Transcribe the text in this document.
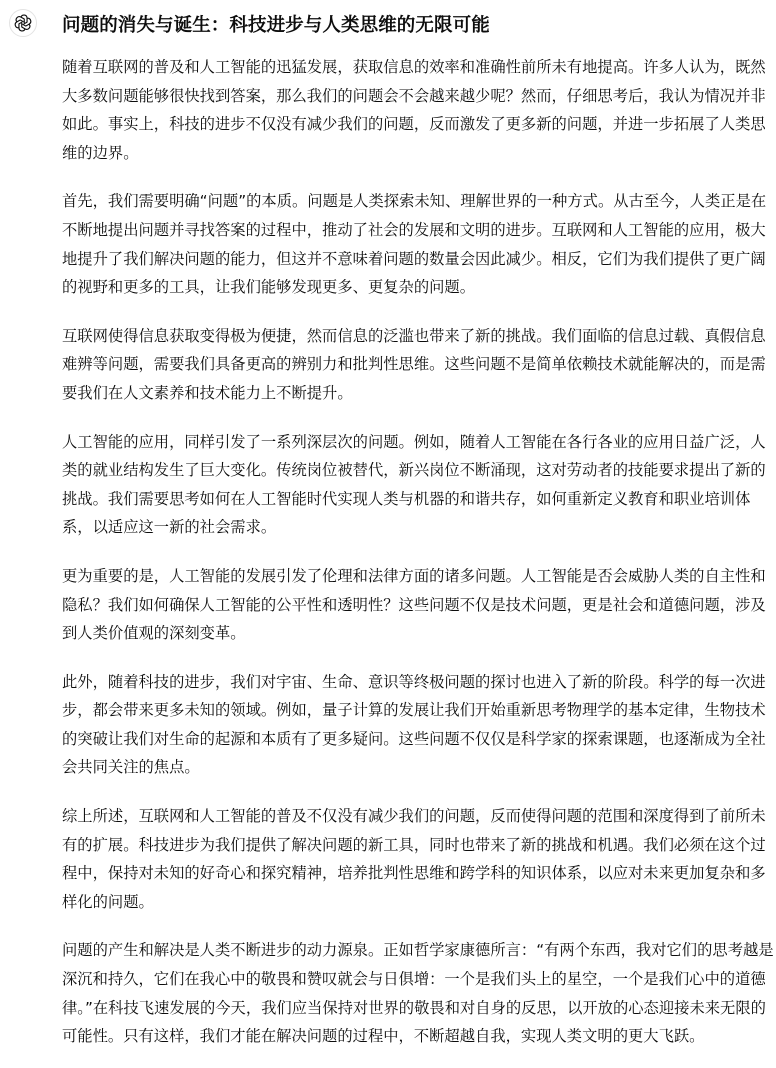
问题的消失与诞生：科技进步与人类思维的无限可能

随着互联网的普及和人工智能的迅猛发展，获取信息的效率和准确性前所未有地提高。许多人认为，既然大多数问题能够很快找到答案，那么我们的问题会不会越来越少呢？然而，仔细思考后，我认为情况并非如此。事实上，科技的进步不仅没有减少我们的问题，反而激发了更多新的问题，并进一步拓展了人类思维的边界。

首先，我们需要明确“问题”的本质。问题是人类探索未知、理解世界的一种方式。从古至今，人类正是在不断地提出问题并寻找答案的过程中，推动了社会的发展和文明的进步。互联网和人工智能的应用，极大地提升了我们解决问题的能力，但这并不意味着问题的数量会因此减少。相反，它们为我们提供了更广阔的视野和更多的工具，让我们能够发现更多、更复杂的问题。

互联网使得信息获取变得极为便捷，然而信息的泛滥也带来了新的挑战。我们面临的信息过载、真假信息难辨等问题，需要我们具备更高的辨别力和批判性思维。这些问题不是简单依赖技术就能解决的，而是需要我们在人文素养和技术能力上不断提升。

人工智能的应用，同样引发了一系列深层次的问题。例如，随着人工智能在各行各业的应用日益广泛，人类的就业结构发生了巨大变化。传统岗位被替代，新兴岗位不断涌现，这对劳动者的技能要求提出了新的挑战。我们需要思考如何在人工智能时代实现人类与机器的和谐共存，如何重新定义教育和职业培训体系，以适应这一新的社会需求。

更为重要的是，人工智能的发展引发了伦理和法律方面的诸多问题。人工智能是否会威胁人类的自主性和隐私？我们如何确保人工智能的公平性和透明性？这些问题不仅是技术问题，更是社会和道德问题，涉及到人类价值观的深刻变革。

此外，随着科技的进步，我们对宇宙、生命、意识等终极问题的探讨也进入了新的阶段。科学的每一次进步，都会带来更多未知的领域。例如，量子计算的发展让我们开始重新思考物理学的基本定律，生物技术的突破让我们对生命的起源和本质有了更多疑问。这些问题不仅仅是科学家的探索课题，也逐渐成为全社会共同关注的焦点。

综上所述，互联网和人工智能的普及不仅没有减少我们的问题，反而使得问题的范围和深度得到了前所未有的扩展。科技进步为我们提供了解决问题的新工具，同时也带来了新的挑战和机遇。我们必须在这个过程中，保持对未知的好奇心和探究精神，培养批判性思维和跨学科的知识体系，以应对未来更加复杂和多样化的问题。

问题的产生和解决是人类不断进步的动力源泉。正如哲学家康德所言：“有两个东西，我对它们的思考越是深沉和持久，它们在我心中的敬畏和赞叹就会与日俱增：一个是我们头上的星空，一个是我们心中的道德律。”在科技飞速发展的今天，我们应当保持对世界的敬畏和对自身的反思，以开放的心态迎接未来无限的可能性。只有这样，我们才能在解决问题的过程中，不断超越自我，实现人类文明的更大飞跃。
